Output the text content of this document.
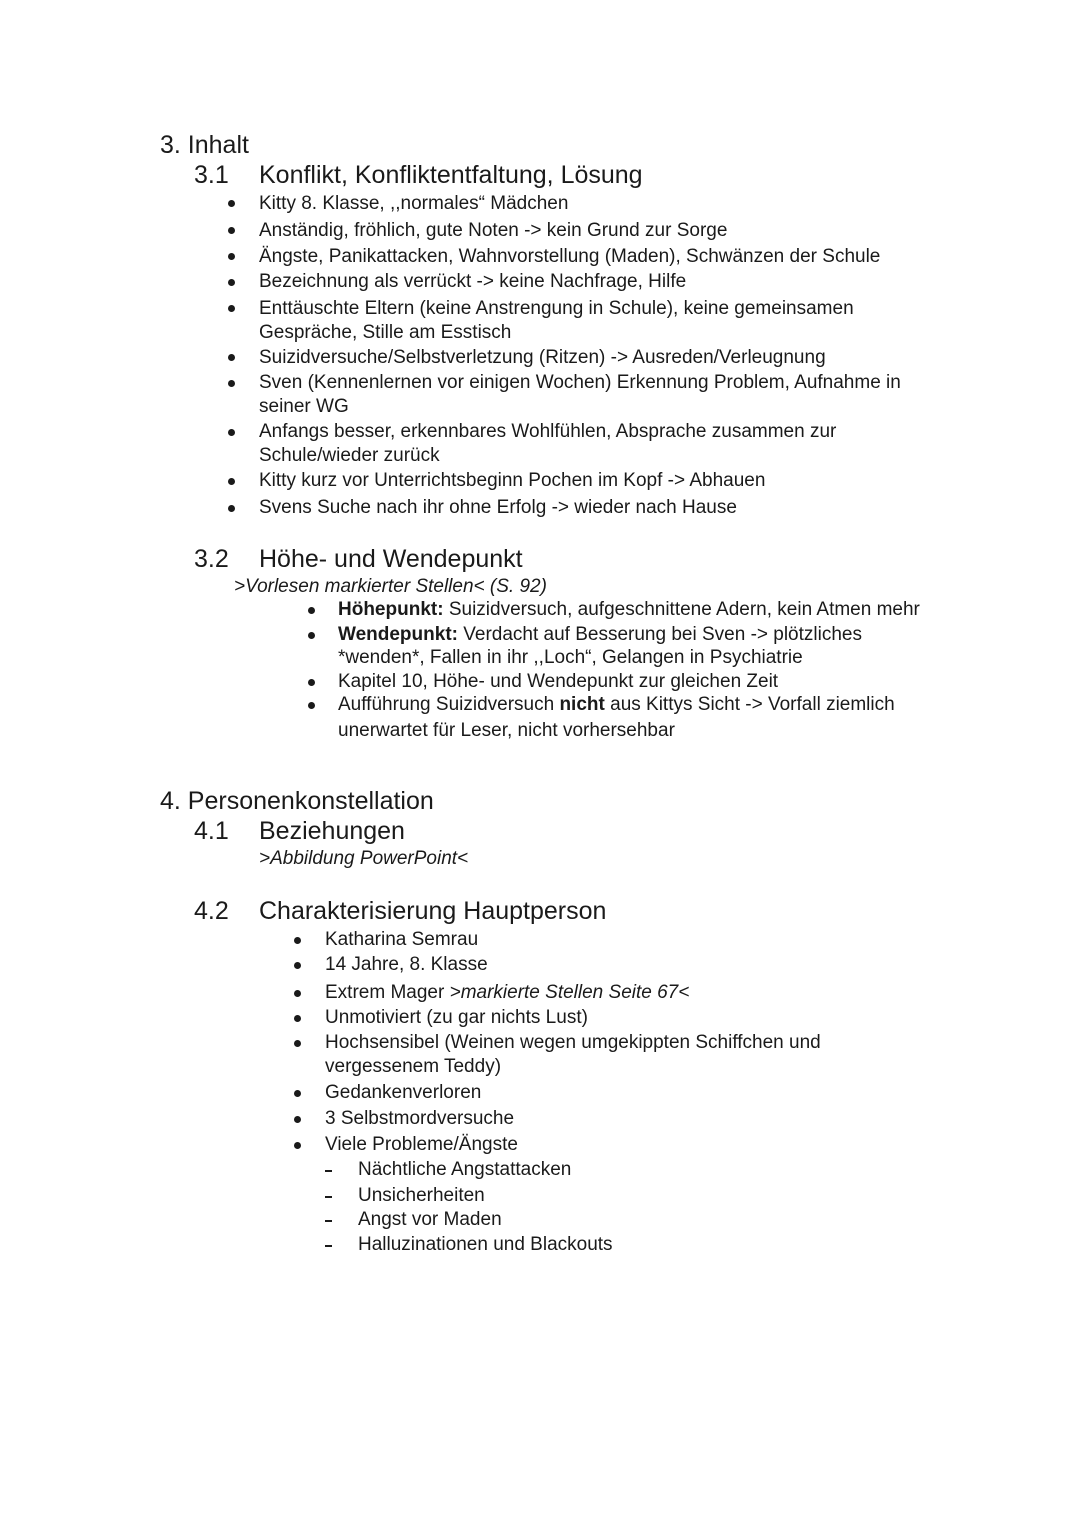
3. Inhalt
3.1 Konflikt, Konfliktentfaltung, Lösung
Kitty 8. Klasse, ,,normales“ Mädchen
Anständig, fröhlich, gute Noten -> kein Grund zur Sorge
Ängste, Panikattacken, Wahnvorstellung (Maden), Schwänzen der Schule
Bezeichnung als verrückt -> keine Nachfrage, Hilfe
Enttäuschte Eltern (keine Anstrengung in Schule), keine gemeinsamen
Gespräche, Stille am Esstisch
Suizidversuche/Selbstverletzung (Ritzen) -> Ausreden/Verleugnung
Sven (Kennenlernen vor einigen Wochen) Erkennung Problem, Aufnahme in
seiner WG
Anfangs besser, erkennbares Wohlfühlen, Absprache zusammen zur
Schule/wieder zurück
Kitty kurz vor Unterrichtsbeginn Pochen im Kopf -> Abhauen
Svens Suche nach ihr ohne Erfolg -> wieder nach Hause
3.2 Höhe- und Wendepunkt
>Vorlesen markierter Stellen< (S. 92)
Höhepunkt: Suizidversuch, aufgeschnittene Adern, kein Atmen mehr
Wendepunkt: Verdacht auf Besserung bei Sven -> plötzliches
*wenden*, Fallen in ihr ,,Loch“, Gelangen in Psychiatrie
Kapitel 10, Höhe- und Wendepunkt zur gleichen Zeit
Aufführung Suizidversuch nicht aus Kittys Sicht -> Vorfall ziemlich
unerwartet für Leser, nicht vorhersehbar
4. Personenkonstellation
4.1 Beziehungen
>Abbildung PowerPoint<
4.2 Charakterisierung Hauptperson
Katharina Semrau
14 Jahre, 8. Klasse
Extrem Mager >markierte Stellen Seite 67<
Unmotiviert (zu gar nichts Lust)
Hochsensibel (Weinen wegen umgekippten Schiffchen und
vergessenem Teddy)
Gedankenverloren
3 Selbstmordversuche
Viele Probleme/Ängste
Nächtliche Angstattacken
Unsicherheiten
Angst vor Maden
Halluzinationen und Blackouts
